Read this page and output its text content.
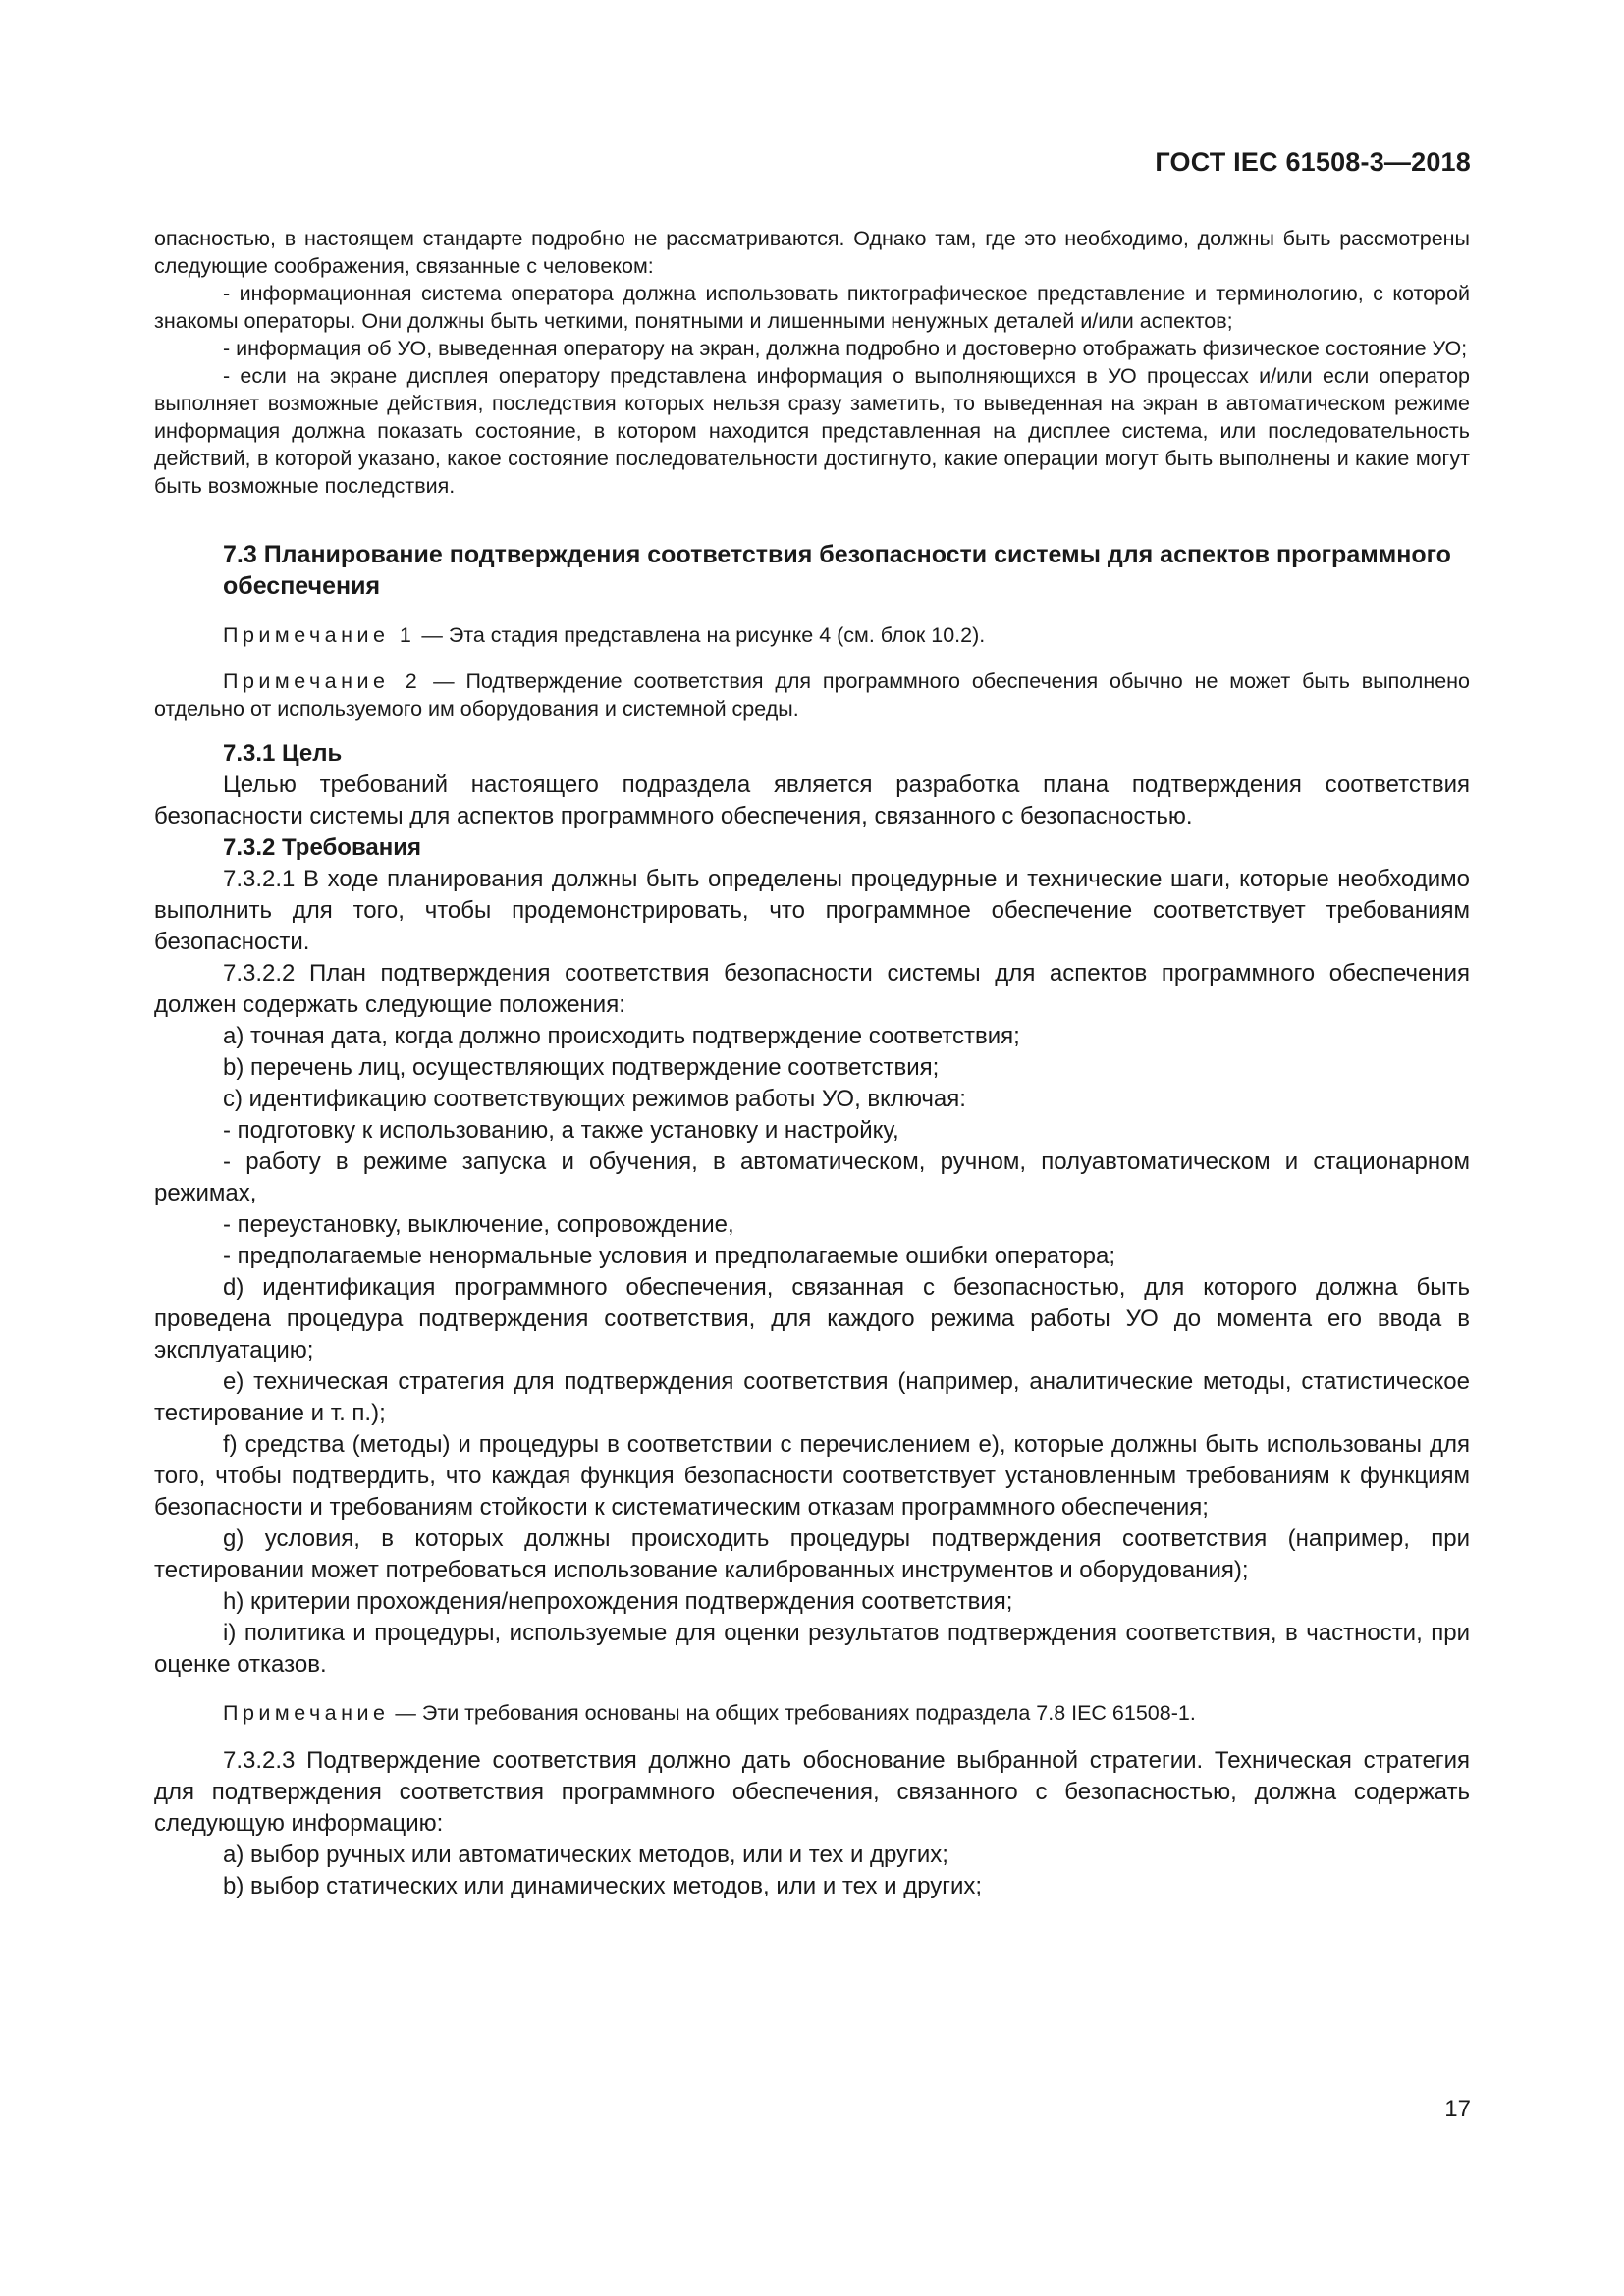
ГОСТ IEC 61508-3—2018

опасностью, в настоящем стандарте подробно не рассматриваются. Однако там, где это необходимо, должны быть рассмотрены следующие соображения, связанные с человеком:

- информационная система оператора должна использовать пиктографическое представление и терминологию, с которой знакомы операторы. Они должны быть четкими, понятными и лишенными ненужных деталей и/или аспектов;

- информация об УО, выведенная оператору на экран, должна подробно и достоверно отображать физическое состояние УО;

- если на экране дисплея оператору представлена информация о выполняющихся в УО процессах и/или если оператор выполняет возможные действия, последствия которых нельзя сразу заметить, то выведенная на экран в автоматическом режиме информация должна показать состояние, в котором находится представленная на дисплее система, или последовательность действий, в которой указано, какое состояние последовательности достигнуто, какие операции могут быть выполнены и какие могут быть возможные последствия.

7.3 Планирование подтверждения соответствия безопасности системы для аспектов программного обеспечения

Примечание 1 — Эта стадия представлена на рисунке 4 (см. блок 10.2).

Примечание 2 — Подтверждение соответствия для программного обеспечения обычно не может быть выполнено отдельно от используемого им оборудования и системной среды.

7.3.1 Цель

Целью требований настоящего подраздела является разработка плана подтверждения соответствия безопасности системы для аспектов программного обеспечения, связанного с безопасностью.

7.3.2 Требования

7.3.2.1 В ходе планирования должны быть определены процедурные и технические шаги, которые необходимо выполнить для того, чтобы продемонстрировать, что программное обеспечение соответствует требованиям безопасности.

7.3.2.2 План подтверждения соответствия безопасности системы для аспектов программного обеспечения должен содержать следующие положения:

a) точная дата, когда должно происходить подтверждение соответствия;

b) перечень лиц, осуществляющих подтверждение соответствия;

c) идентификацию соответствующих режимов работы УО, включая:

- подготовку к использованию, а также установку и настройку,

- работу в режиме запуска и обучения, в автоматическом, ручном, полуавтоматическом и стационарном режимах,

- переустановку, выключение, сопровождение,

- предполагаемые ненормальные условия и предполагаемые ошибки оператора;

d) идентификация программного обеспечения, связанная с безопасностью, для которого должна быть проведена процедура подтверждения соответствия, для каждого режима работы УО до момента его ввода в эксплуатацию;

e) техническая стратегия для подтверждения соответствия (например, аналитические методы, статистическое тестирование и т. п.);

f) средства (методы) и процедуры в соответствии с перечислением e), которые должны быть использованы для того, чтобы подтвердить, что каждая функция безопасности соответствует установленным требованиям к функциям безопасности и требованиям стойкости к систематическим отказам программного обеспечения;

g) условия, в которых должны происходить процедуры подтверждения соответствия (например, при тестировании может потребоваться использование калиброванных инструментов и оборудования);

h) критерии прохождения/непрохождения подтверждения соответствия;

i) политика и процедуры, используемые для оценки результатов подтверждения соответствия, в частности, при оценке отказов.

Примечание — Эти требования основаны на общих требованиях подраздела 7.8 IEC 61508-1.

7.3.2.3 Подтверждение соответствия должно дать обоснование выбранной стратегии. Техническая стратегия для подтверждения соответствия программного обеспечения, связанного с безопасностью, должна содержать следующую информацию:

a) выбор ручных или автоматических методов, или и тех и других;

b) выбор статических или динамических методов, или и тех и других;

17
